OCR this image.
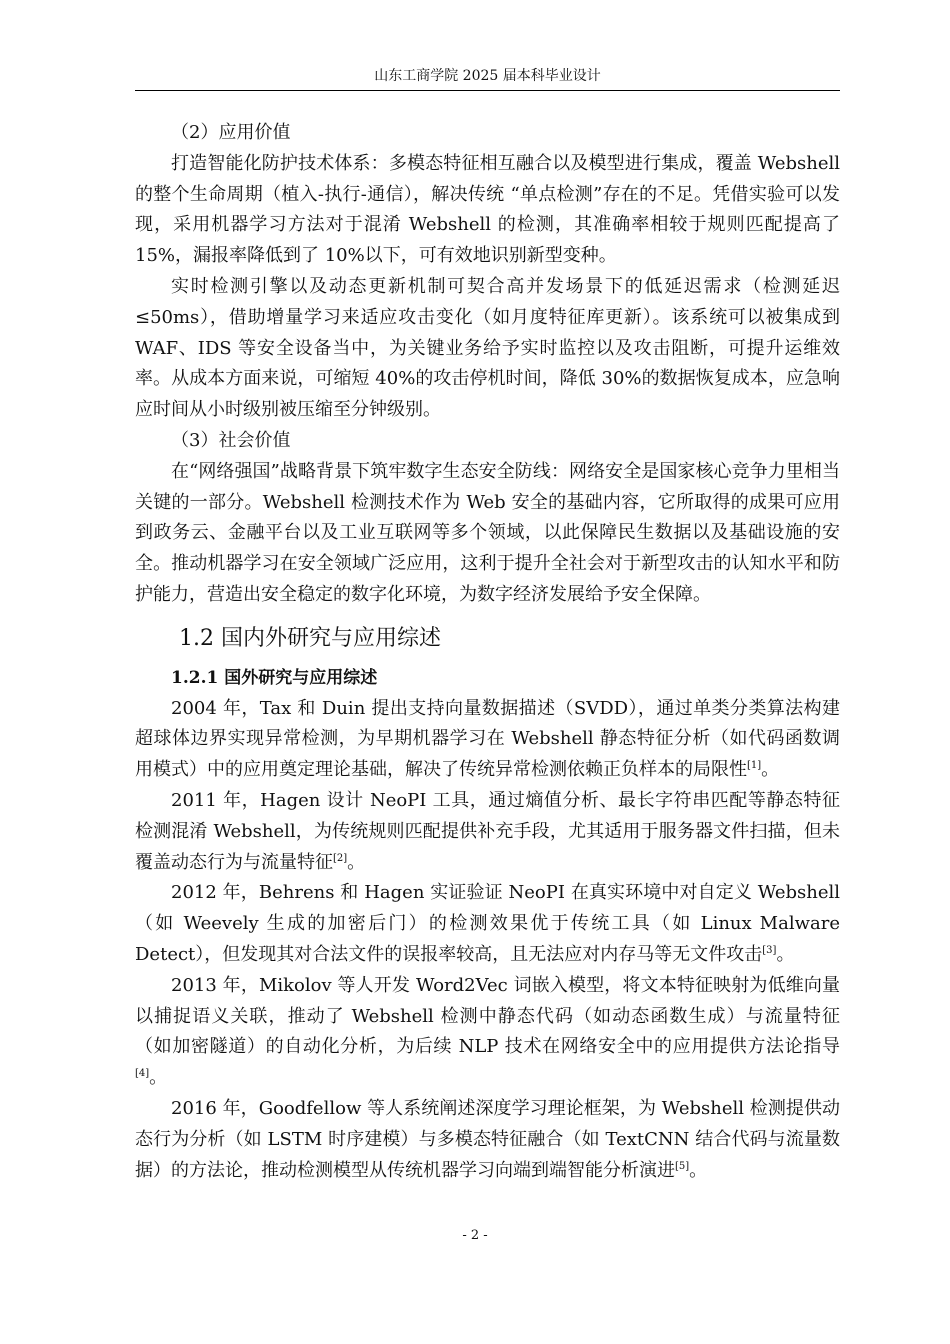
山东工商学院 2025 届本科毕业设计

（2）应用价值

打造智能化防护技术体系：多模态特征相互融合以及模型进行集成，覆盖 Webshell 的整个生命周期（植入-执行-通信），解决传统 “单点检测”存在的不足。凭借实验可以发现，采用机器学习方法对于混淆 Webshell 的检测，其准确率相较于规则匹配提高了 15%，漏报率降低到了 10%以下，可有效地识别新型变种。

实时检测引擎以及动态更新机制可契合高并发场景下的低延迟需求（检测延迟≤50ms），借助增量学习来适应攻击变化（如月度特征库更新）。该系统可以被集成到 WAF、IDS 等安全设备当中，为关键业务给予实时监控以及攻击阻断，可提升运维效率。从成本方面来说，可缩短 40%的攻击停机时间，降低 30%的数据恢复成本，应急响应时间从小时级别被压缩至分钟级别。

（3）社会价值

在“网络强国”战略背景下筑牢数字生态安全防线：网络安全是国家核心竞争力里相当关键的一部分。Webshell 检测技术作为 Web 安全的基础内容，它所取得的成果可应用到政务云、金融平台以及工业互联网等多个领域，以此保障民生数据以及基础设施的安全。推动机器学习在安全领域广泛应用，这利于提升全社会对于新型攻击的认知水平和防护能力，营造出安全稳定的数字化环境，为数字经济发展给予安全保障。

1.2 国内外研究与应用综述
1.2.1 国外研究与应用综述

2004 年，Tax 和 Duin 提出支持向量数据描述（SVDD），通过单类分类算法构建超球体边界实现异常检测，为早期机器学习在 Webshell 静态特征分析（如代码函数调用模式）中的应用奠定理论基础，解决了传统异常检测依赖正负样本的局限性[1]。

2011 年，Hagen 设计 NeoPI 工具，通过熵值分析、最长字符串匹配等静态特征检测混淆 Webshell，为传统规则匹配提供补充手段，尤其适用于服务器文件扫描，但未覆盖动态行为与流量特征[2]。

2012 年，Behrens 和 Hagen 实证验证 NeoPI 在真实环境中对自定义 Webshell（如 Weevely 生成的加密后门）的检测效果优于传统工具（如 Linux Malware Detect），但发现其对合法文件的误报率较高，且无法应对内存马等无文件攻击[3]。

2013 年，Mikolov 等人开发 Word2Vec 词嵌入模型，将文本特征映射为低维向量以捕捉语义关联，推动了 Webshell 检测中静态代码（如动态函数生成）与流量特征（如加密隧道）的自动化分析，为后续 NLP 技术在网络安全中的应用提供方法论指导[4]。

2016 年，Goodfellow 等人系统阐述深度学习理论框架，为 Webshell 检测提供动态行为分析（如 LSTM 时序建模）与多模态特征融合（如 TextCNN 结合代码与流量数据）的方法论，推动检测模型从传统机器学习向端到端智能分析演进[5]。

- 2 -
